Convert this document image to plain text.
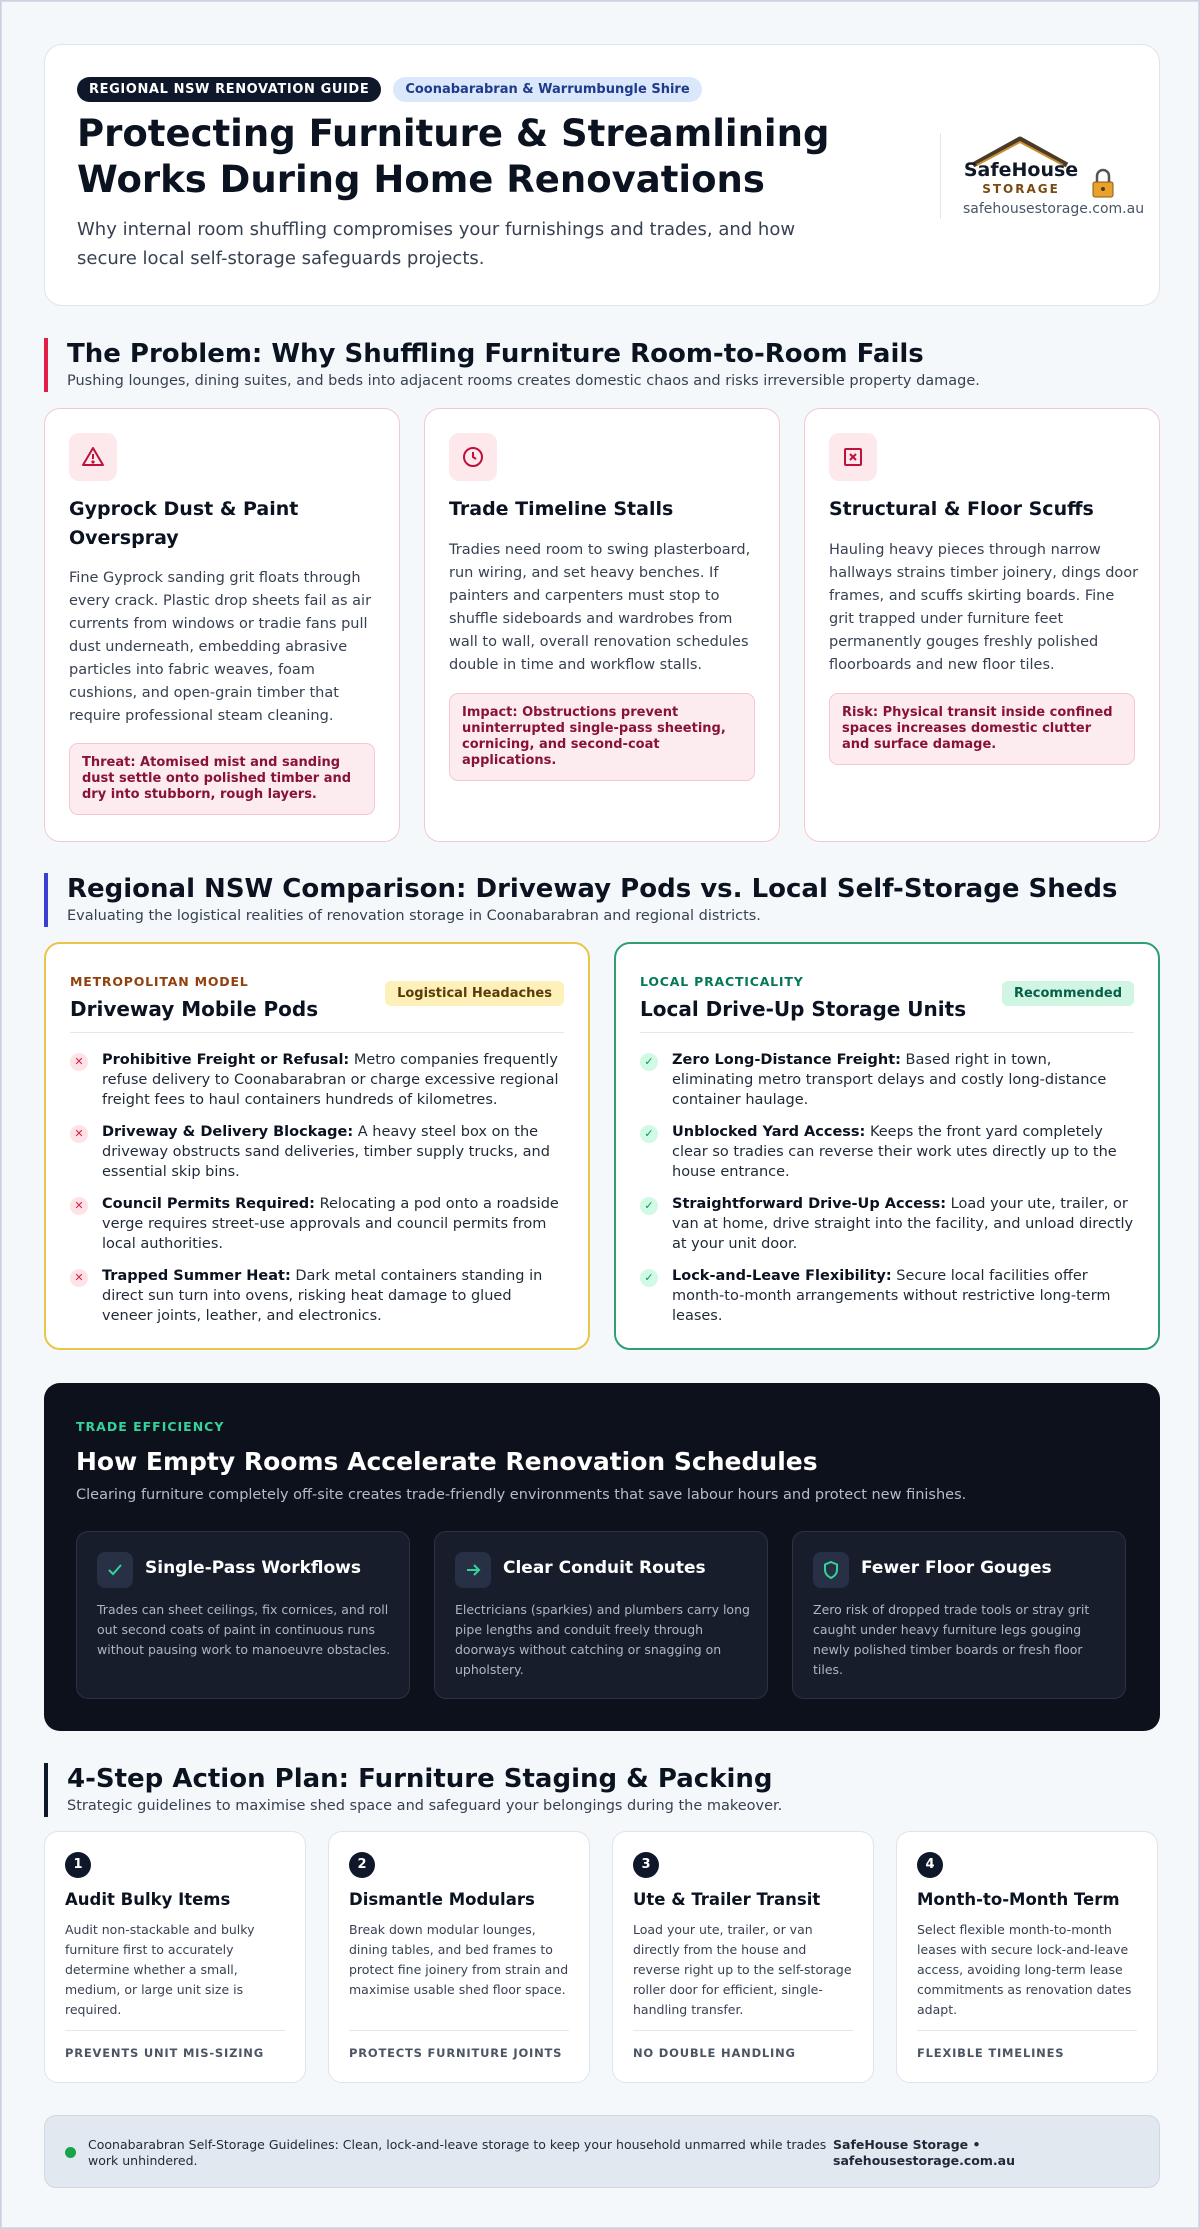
REGIONAL NSW RENOVATION GUIDE	Coonabarabran & Warrumbungle Shire
Protecting Furniture & Streamlining Works During Home Renovations

Why internal room shuffling compromises your furnishings and trades, and how secure local self-storage safeguards projects.

SafeHouse
STORAGE
safehousestorage.com.au
The Problem: Why Shuffling Furniture Room-to-Room Fails

Pushing lounges, dining suites, and beds into adjacent rooms creates domestic chaos and risks irreversible property damage.

Gyprock Dust & Paint Overspray

Fine Gyprock sanding grit floats through every crack. Plastic drop sheets fail as air currents from windows or tradie fans pull dust underneath, embedding abrasive particles into fabric weaves, foam cushions, and open-grain timber that require professional steam cleaning.

Threat: Atomised mist and sanding dust settle onto polished timber and dry into stubborn, rough layers.
Trade Timeline Stalls

Tradies need room to swing plasterboard, run wiring, and set heavy benches. If painters and carpenters must stop to shuffle sideboards and wardrobes from wall to wall, overall renovation schedules double in time and workflow stalls.

Impact: Obstructions prevent uninterrupted single-pass sheeting, cornicing, and second-coat applications.
Structural & Floor Scuffs

Hauling heavy pieces through narrow hallways strains timber joinery, dings door frames, and scuffs skirting boards. Fine grit trapped under furniture feet permanently gouges freshly polished floorboards and new floor tiles.

Risk: Physical transit inside confined spaces increases domestic clutter and surface damage.
Regional NSW Comparison: Driveway Pods vs. Local Self-Storage Sheds

Evaluating the logistical realities of renovation storage in Coonabarabran and regional districts.

METROPOLITAN MODEL
Driveway Mobile Pods
Logistical Headaches
✕	Prohibitive Freight or Refusal: Metro companies frequently refuse delivery to Coonabarabran or charge excessive regional freight fees to haul containers hundreds of kilometres.
✕	Driveway & Delivery Blockage: A heavy steel box on the driveway obstructs sand deliveries, timber supply trucks, and essential skip bins.
✕	Council Permits Required: Relocating a pod onto a roadside verge requires street-use approvals and council permits from local authorities.
✕	Trapped Summer Heat: Dark metal containers standing in direct sun turn into ovens, risking heat damage to glued veneer joints, leather, and electronics.
LOCAL PRACTICALITY
Local Drive-Up Storage Units
Recommended
✓	Zero Long-Distance Freight: Based right in town, eliminating metro transport delays and costly long-distance container haulage.
✓	Unblocked Yard Access: Keeps the front yard completely clear so tradies can reverse their work utes directly up to the house entrance.
✓	Straightforward Drive-Up Access: Load your ute, trailer, or van at home, drive straight into the facility, and unload directly at your unit door.
✓	Lock-and-Leave Flexibility: Secure local facilities offer month-to-month arrangements without restrictive long-term leases.
TRADE EFFICIENCY
How Empty Rooms Accelerate Renovation Schedules

Clearing furniture completely off-site creates trade-friendly environments that save labour hours and protect new finishes.

Single-Pass Workflows

Trades can sheet ceilings, fix cornices, and roll out second coats of paint in continuous runs without pausing work to manoeuvre obstacles.

Clear Conduit Routes

Electricians (sparkies) and plumbers carry long pipe lengths and conduit freely through doorways without catching or snagging on upholstery.

Fewer Floor Gouges

Zero risk of dropped trade tools or stray grit caught under heavy furniture legs gouging newly polished timber boards or fresh floor tiles.

4-Step Action Plan: Furniture Staging & Packing

Strategic guidelines to maximise shed space and safeguard your belongings during the makeover.

1
Audit Bulky Items

Audit non-stackable and bulky furniture first to accurately determine whether a small, medium, or large unit size is required.

PREVENTS UNIT MIS-SIZING
2
Dismantle Modulars

Break down modular lounges, dining tables, and bed frames to protect fine joinery from strain and maximise usable shed floor space.

PROTECTS FURNITURE JOINTS
3
Ute & Trailer Transit

Load your ute, trailer, or van directly from the house and reverse right up to the self-storage roller door for efficient, single-handling transfer.

NO DOUBLE HANDLING
4
Month-to-Month Term

Select flexible month-to-month leases with secure lock-and-leave access, avoiding long-term lease commitments as renovation dates adapt.

FLEXIBLE TIMELINES
Coonabarabran Self-Storage Guidelines: Clean, lock-and-leave storage to keep your household unmarred while trades work unhindered.
SafeHouse Storage •
safehousestorage.com.au
